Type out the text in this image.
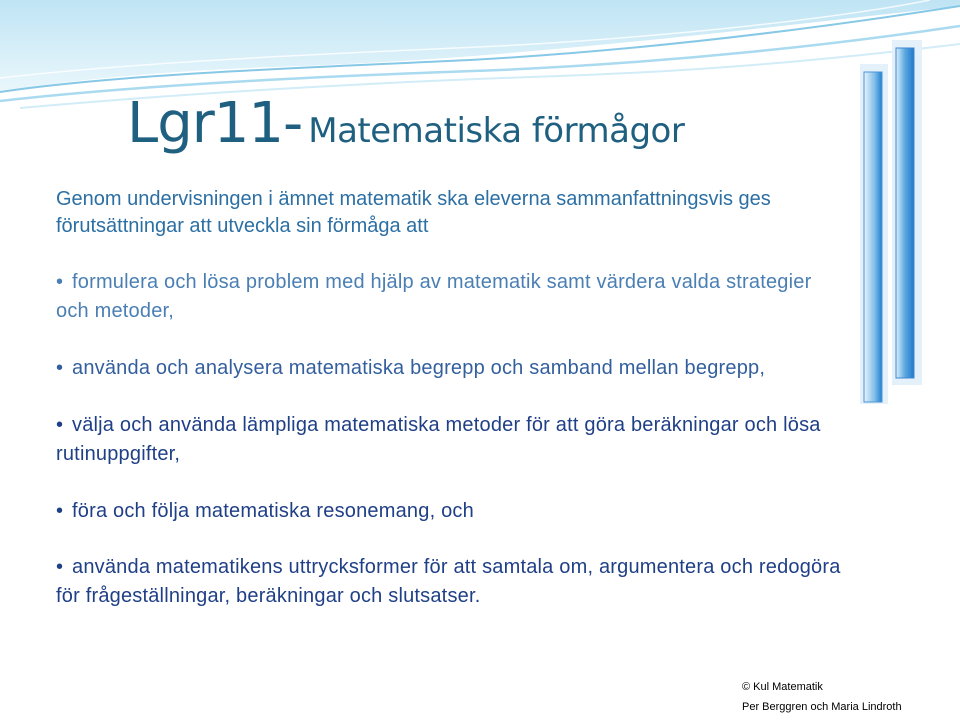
Lgr11- Matematiska förmågor

Genom undervisningen i ämnet matematik ska eleverna sammanfattningsvis ges förutsättningar att utveckla sin förmåga att

• formulera och lösa problem med hjälp av matematik samt värdera valda strategier och metoder,
• använda och analysera matematiska begrepp och samband mellan begrepp,
• välja och använda lämpliga matematiska metoder för att göra beräkningar och lösa rutinuppgifter,
• föra och följa matematiska resonemang, och
• använda matematikens uttrycksformer för att samtala om, argumentera och redogöra för frågeställningar, beräkningar och slutsatser.
© Kul Matematik
Per Berggren och Maria Lindroth
